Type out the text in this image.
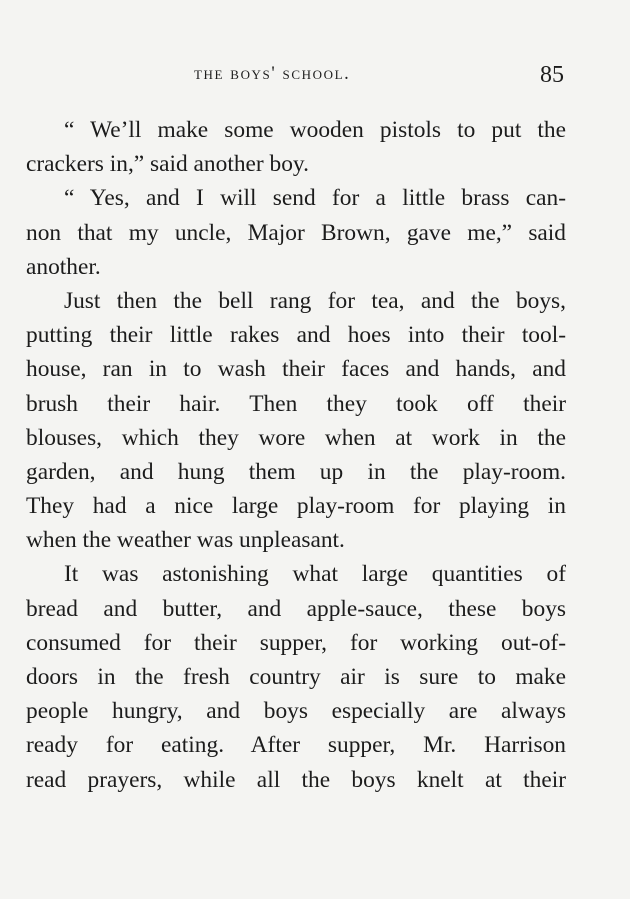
the boys' school.	85
“ We’ll make some wooden pistols to put the
crackers in,” said another boy.
“ Yes, and I will send for a little brass can-
non that my uncle, Major Brown, gave me,” said
another.
Just then the bell rang for tea, and the boys,
putting their little rakes and hoes into their tool-
house, ran in to wash their faces and hands, and
brush their hair. Then they took off their
blouses, which they wore when at work in the
garden, and hung them up in the play-room.
They had a nice large play-room for playing in
when the weather was unpleasant.
It was astonishing what large quantities of
bread and butter, and apple-sauce, these boys
consumed for their supper, for working out-of-
doors in the fresh country air is sure to make
people hungry, and boys especially are always
ready for eating. After supper, Mr. Harrison
read prayers, while all the boys knelt at their
